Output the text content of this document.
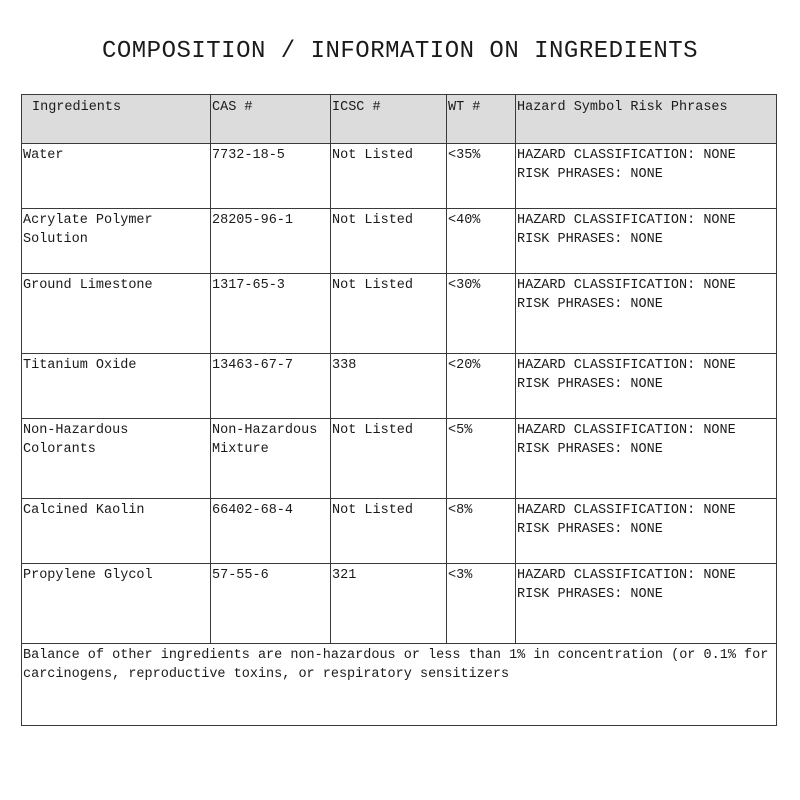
COMPOSITION / INFORMATION ON INGREDIENTS
Ingredients	CAS #	ICSC #	WT #	Hazard Symbol Risk Phrases
Water	7732-18-5	Not Listed	<35%	HAZARD CLASSIFICATION: NONE
RISK PHRASES: NONE

Acrylate Polymer Solution	28205-96-1	Not Listed	<40%	HAZARD CLASSIFICATION: NONE
RISK PHRASES: NONE

Ground Limestone	1317-65-3	Not Listed	<30%	HAZARD CLASSIFICATION: NONE
RISK PHRASES: NONE

Titanium Oxide	13463-67-7	338	<20%	HAZARD CLASSIFICATION: NONE
RISK PHRASES: NONE

Non-Hazardous Colorants	Non-Hazardous Mixture	Not Listed	<5%	HAZARD CLASSIFICATION: NONE
RISK PHRASES: NONE

Calcined Kaolin	66402-68-4	Not Listed	<8%	HAZARD CLASSIFICATION: NONE
RISK PHRASES: NONE

Propylene Glycol	57-55-6	321	<3%	HAZARD CLASSIFICATION: NONE
RISK PHRASES: NONE

Balance of other ingredients are non-hazardous or less than 1% in concentration (or 0.1% for carcinogens, reproductive toxins, or respiratory sensitizers				
